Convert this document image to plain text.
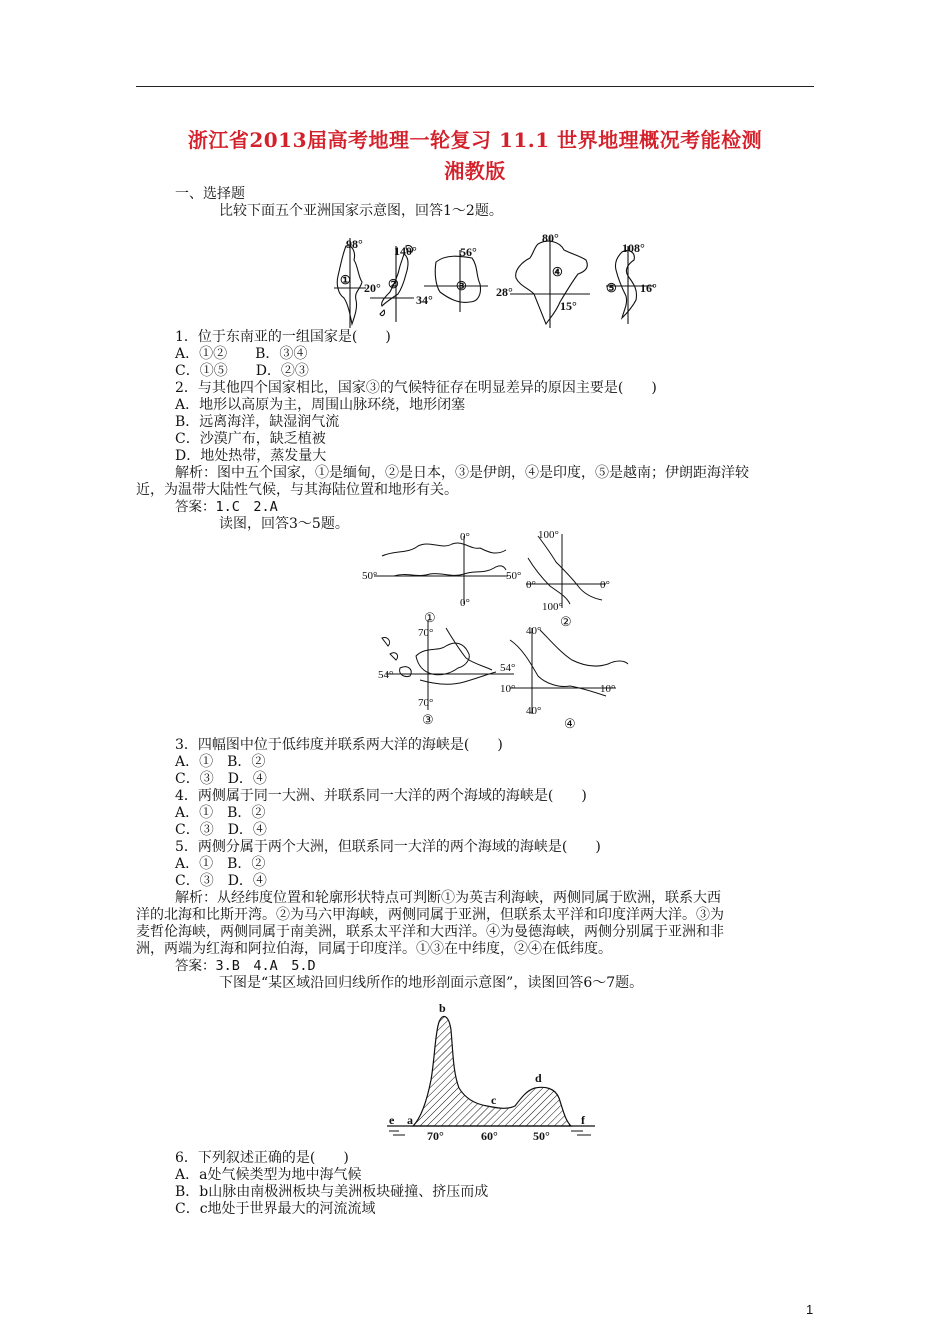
浙江省2013届高考地理一轮复习 11.1 世界地理概况考能检测
湘教版
一、选择题
比较下面五个亚洲国家示意图，回答1～2题。
98°
20°
①
140°
②
34°
56°
③ 28°
80°
④
15°
108°
⑤ 16°
1．位于东南亚的一组国家是(　　)
A．①②　　B．③④
C．①⑤　　D．②③
2．与其他四个国家相比，国家③的气候特征存在明显差异的原因主要是(　　)
A．地形以高原为主，周围山脉环绕，地形闭塞
B．远离海洋，缺湿润气流
C．沙漠广布，缺乏植被
D．地处热带，蒸发量大
解析：图中五个国家，①是缅甸，②是日本，③是伊朗，④是印度，⑤是越南；伊朗距海洋较
近，为温带大陆性气候，与其海陆位置和地形有关。
答案：1.C　2.A
读图，回答3～5题。
0°
50°	50°
0°
①
100°
0°	0°
100°
②
70°
54°
54°
70°
③
40°
10°	10°
40°
④
3．四幅图中位于低纬度并联系两大洋的海峡是(　　)
A．①　B．②
C．③　D．④
4．两侧属于同一大洲、并联系同一大洋的两个海域的海峡是(　　)
A．①　B．②
C．③　D．④
5．两侧分属于两个大洲，但联系同一大洋的两个海域的海峡是(　　)
A．①　B．②
C．③　D．④
解析：从经纬度位置和轮廓形状特点可判断①为英吉利海峡，两侧同属于欧洲，联系大西
洋的北海和比斯开湾。②为马六甲海峡，两侧同属于亚洲，但联系太平洋和印度洋两大洋。③为
麦哲伦海峡，两侧同属于南美洲，联系太平洋和大西洋。④为曼德海峡，两侧分别属于亚洲和非
洲，两端为红海和阿拉伯海，同属于印度洋。①③在中纬度，②④在低纬度。
答案：3.B　4.A　5.D
下图是“某区域沿回归线所作的地形剖面示意图”，读图回答6～7题。
b
d
c
e a	f
70°	60°	50°
6．下列叙述正确的是(　　)
A．a处气候类型为地中海气候
B．b山脉由南极洲板块与美洲板块碰撞、挤压而成
C．c地处于世界最大的河流流域
1
